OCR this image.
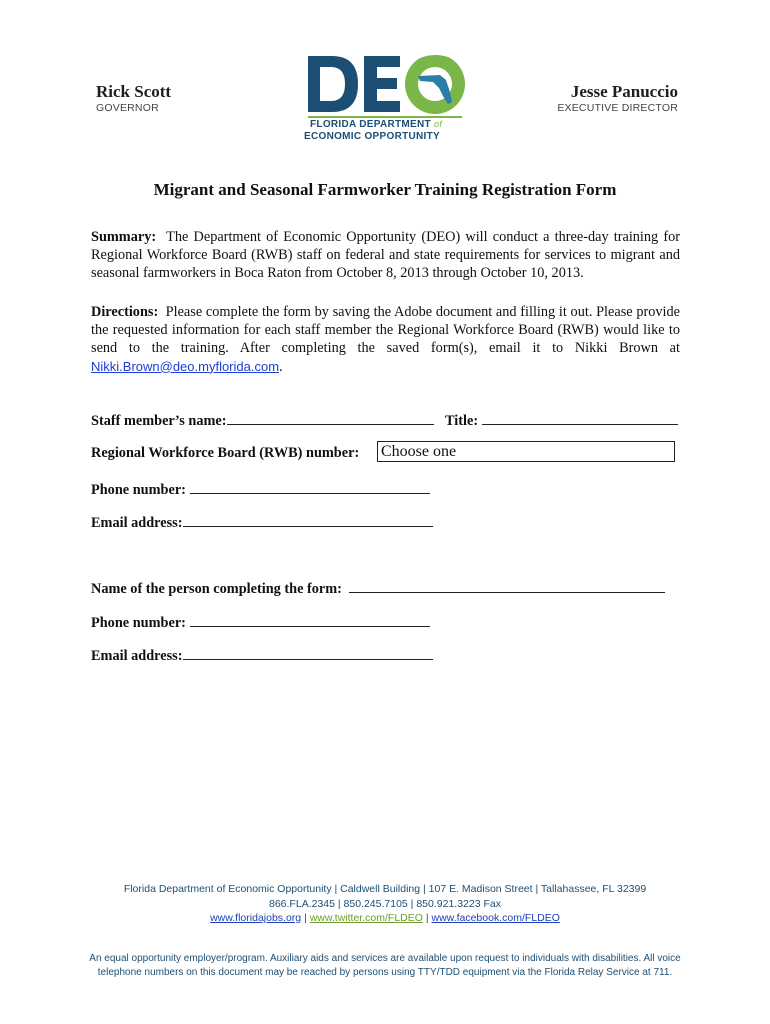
Rick Scott
GOVERNOR
Jesse Panuccio
EXECUTIVE DIRECTOR
FLORIDA DEPARTMENT of
ECONOMIC OPPORTUNITY
Migrant and Seasonal Farmworker Training Registration Form
Summary: The Department of Economic Opportunity (DEO) will conduct a three-day training for Regional Workforce Board (RWB) staff on federal and state requirements for services to migrant and seasonal farmworkers in Boca Raton from October 8, 2013 through October 10, 2013.
Directions: Please complete the form by saving the Adobe document and filling it out. Please provide the requested information for each staff member the Regional Workforce Board (RWB) would like to send to the training. After completing the saved form(s), email it to Nikki Brown at Nikki.Brown@deo.myflorida.com.
Staff member’s name:	Title:
Regional Workforce Board (RWB) number: Choose one
Phone number:
Email address:
Name of the person completing the form:
Phone number:
Email address:
Florida Department of Economic Opportunity | Caldwell Building | 107 E. Madison Street | Tallahassee, FL 32399
866.FLA.2345 | 850.245.7105 | 850.921.3223 Fax
www.floridajobs.org | www.twitter.com/FLDEO | www.facebook.com/FLDEO
An equal opportunity employer/program. Auxiliary aids and services are available upon request to individuals with disabilities. All voice telephone numbers on this document may be reached by persons using TTY/TDD equipment via the Florida Relay Service at 711.
